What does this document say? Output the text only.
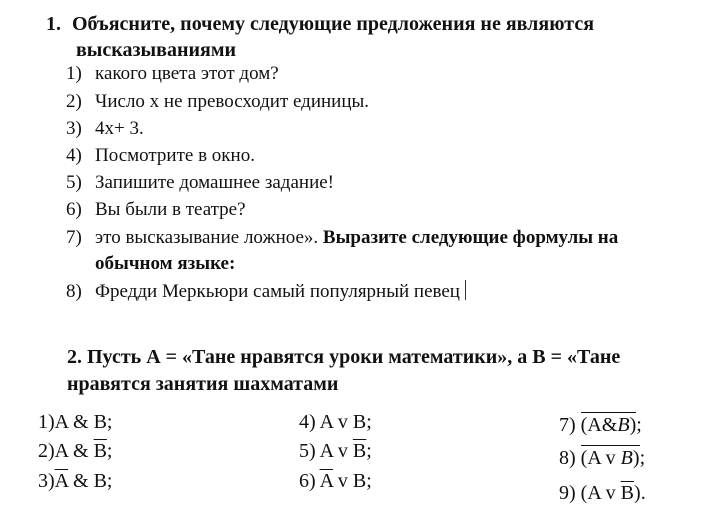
1. Объясните, почему следующие предложения не являются
высказываниями
1) какого цвета этот дом?
2) Число х не превосходит единицы.
3) 4х+ 3.
4) Посмотрите в окно.
5) Запишите домашнее задание!
6) Вы были в театре?
7) это высказывание ложное». Выразите следующие формулы на
обычном языке:
8) Фредди Меркьюри самый популярный певец
2. Пусть А = «Тане нравятся уроки математики», а В = «Тане
нравятся занятия шахматами
1)A & B;
2)A & $\overline{B}$;
$3)\overline{A}$ & B;
4) A v B;
5) A v $\overline{B}$;
6) $\overline{A}$ v B;
7) (A&B);
8) (A v B);
9) (A v $\overline{B}$).
